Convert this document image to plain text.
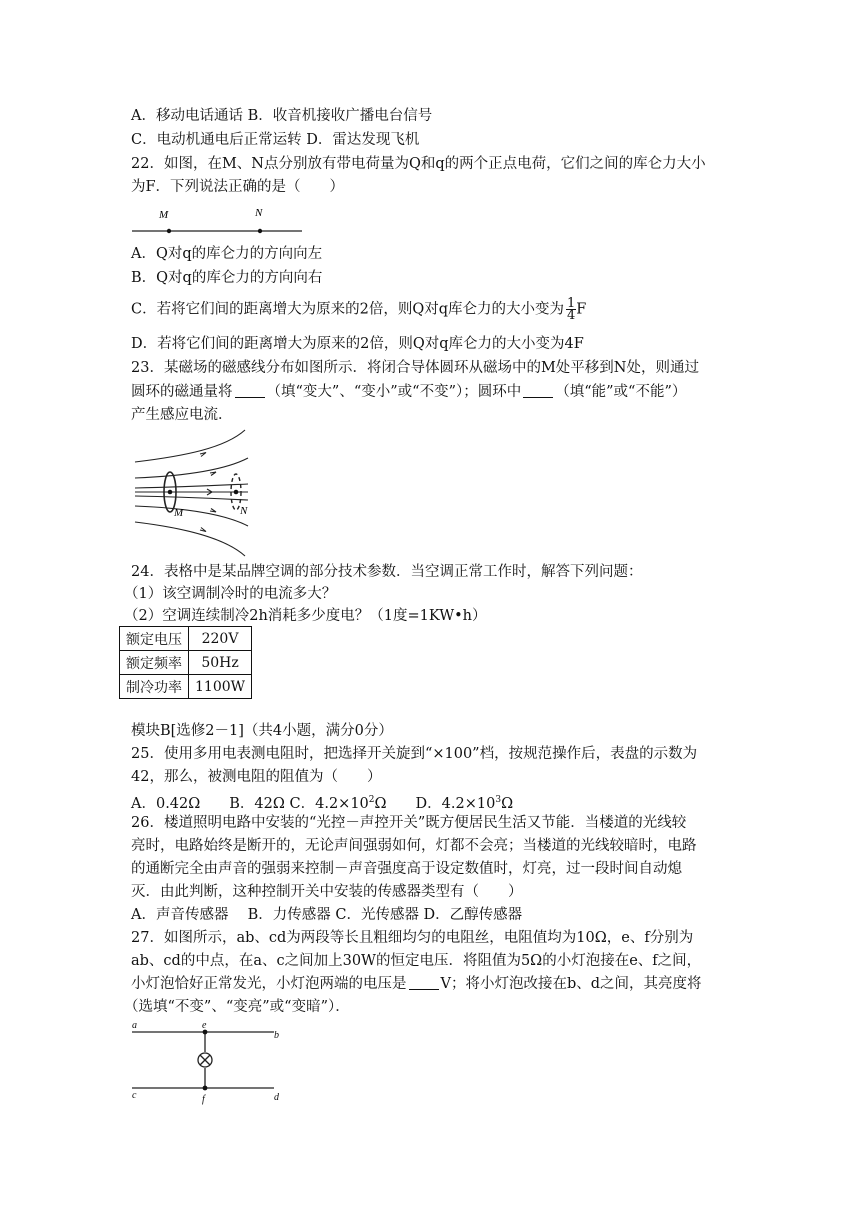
A．移动电话通话 B．收音机接收广播电台信号
C．电动机通电后正常运转 D．雷达发现飞机
22．如图，在M、N点分别放有带电荷量为Q和q的两个正点电荷，它们之间的库仑力大小
为F．下列说法正确的是（　　）
M	N
A．Q对q的库仑力的方向向左
B．Q对q的库仑力的方向向右
C．若将它们间的距离增大为原来的2倍，则Q对q库仑力的大小变为 $\frac{1}{4}$ F
D．若将它们间的距离增大为原来的2倍，则Q对q库仑力的大小变为4F
23．某磁场的磁感线分布如图所示．将闭合导体圆环从磁场中的M处平移到N处，则通过
圆环的磁通量将 （填“变大”、“变小”或“不变”）；圆环中 （填“能”或“不能”）
产生感应电流．
M	N
24．表格中是某品牌空调的部分技术参数．当空调正常工作时，解答下列问题：
（1）该空调制冷时的电流多大？
（2）空调连续制冷2h消耗多少度电？（1度=1KW•h）
额定电压	220V
额定频率	50Hz
制冷功率	1100W
模块B[选修2－1]（共4小题，满分0分）
25．使用多用电表测电阻时，把选择开关旋到“×100”档，按规范操作后，表盘的示数为
42，那么，被测电阻的阻值为（　　）
A．0.42Ω　　B．42Ω C．$4.2\times 10^2\Omega$　　D．$4.2\times 10^3\Omega$
26．楼道照明电路中安装的“光控－声控开关”既方便居民生活又节能．当楼道的光线较
亮时，电路始终是断开的，无论声间强弱如何，灯都不会亮；当楼道的光线较暗时，电路
的通断完全由声音的强弱来控制－声音强度高于设定数值时，灯亮，过一段时间自动熄
灭．由此判断，这种控制开关中安装的传感器类型有（　　）
A．声音传感器　 B．力传感器 C．光传感器 D．乙醇传感器
27．如图所示，ab、cd为两段等长且粗细均匀的电阻丝，电阻值均为10Ω，e、f分别为
ab、cd的中点，在a、c之间加上30W的恒定电压．将阻值为5Ω的小灯泡接在e、f之间，
小灯泡恰好正常发光，小灯泡两端的电压是 V；将小灯泡改接在b、d之间，其亮度将
（选填“不变”、“变亮”或“变暗”）．
a	e
b
c	f	d
